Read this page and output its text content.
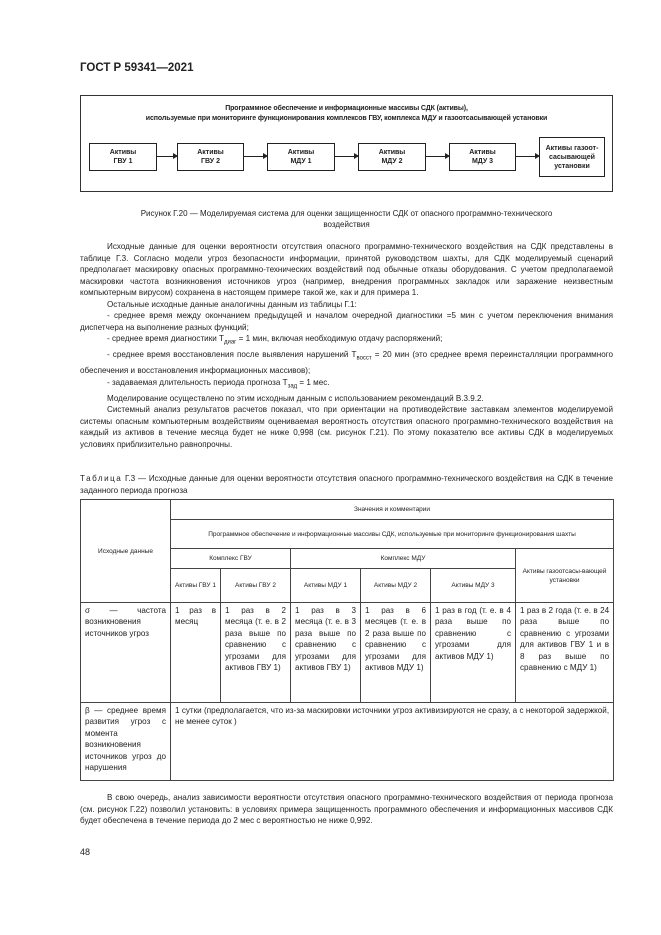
ГОСТ Р 59341—2021
Программное обеспечение и информационные массивы СДК (активы),
используемые при мониторинге функционирования комплексов ГВУ, комплекса МДУ и газоотсасывающей установки
Активы
ГВУ 1
Активы
ГВУ 2
Активы
МДУ 1
Активы
МДУ 2
Активы
МДУ 3
Активы газоот-
сасывающей
установки
Рисунок Г.20 — Моделируемая система для оценки защищенности СДК от опасного программно-технического
воздействия

Исходные данные для оценки вероятности отсутствия опасного программно-технического воздействия на СДК представлены в таблице Г.3. Согласно модели угроз безопасности информации, принятой руководством шахты, для СДК моделируемый сценарий предполагает маскировку опасных программно-технических воздействий под обычные отказы оборудования. С учетом предполагаемой маскировки частота возникновения источников угроз (например, внедрения программных закладок или заражение неизвестным компьютерным вирусом) сохранена в настоящем примере такой же, как и для примера 1.

Остальные исходные данные аналогичны данным из таблицы Г.1:

- среднее время между окончанием предыдущей и началом очередной диагностики =5 мин с учетом переключения внимания диспетчера на выполнение разных функций;

- среднее время диагностики $T_{диаг} = 1$ мин, включая необходимую отдачу распоряжений;

- среднее время восстановления после выявления нарушений $T_{восст} = 20$ мин (это среднее время переинсталляции программного обеспечения и восстановления информационных массивов);

- задаваемая длительность периода прогноза $T_{зад} = 1$ мес.

Моделирование осуществлено по этим исходным данным с использованием рекомендаций В.3.9.2.

Системный анализ результатов расчетов показал, что при ориентации на противодействие заставкам элементов моделируемой системы опасным компьютерным воздействиям оцениваемая вероятность отсутствия опасного программно-технического воздействия на каждый из активов в течение месяца будет не ниже 0,998 (см. рисунок Г.21). По этому показателю все активы СДК в моделируемых условиях приблизительно равнопрочны.

Таблица Г.3 — Исходные данные для оценки вероятности отсутствия опасного программно-технического воздействия на СДК в течение заданного периода прогноза
Исходные данные	Значения и комментарии					
	Программное обеспечение и информационные массивы СДК, используемые при мониторинге функционирования шахты					
	Комплекс ГВУ		Комплекс МДУ			Активы газоотсасы-вающей установки
	Активы ГВУ 1	Активы ГВУ 2	Активы МДУ 1	Активы МДУ 2	Активы МДУ 3	
σ — частота возникновения источников угроз	1 раз в месяц	1 раз в 2 месяца (т. е. в 2 раза выше по сравнению с угрозами для активов ГВУ 1)	1 раз в 3 месяца (т. е. в 3 раза выше по сравнению с угрозами для активов ГВУ 1)	1 раз в 6 месяцев (т. е. в 2 раза выше по сравнению с угрозами для активов МДУ 1)	1 раз в год (т. е. в 4 раза выше по сравнению с угрозами для активов МДУ 1)	1 раз в 2 года (т. е. в 24 раза выше по сравнению с угрозами для активов ГВУ 1 и в 8 раз выше по сравнению с МДУ 1)
β — среднее время развития угроз с момента возникновения источников угроз до нарушения	1 сутки (предполагается, что из-за маскировки источники угроз активизируются не сразу, а с некоторой задержкой, не менее суток )					
В свою очередь, анализ зависимости вероятности отсутствия опасного программно-технического воздействия от периода прогноза (см. рисунок Г.22) позволил установить: в условиях примера защищенность программного обеспечения и информационных массивов СДК будет обеспечена в течение периода до 2 мес с вероятностью не ниже 0,992.
48
